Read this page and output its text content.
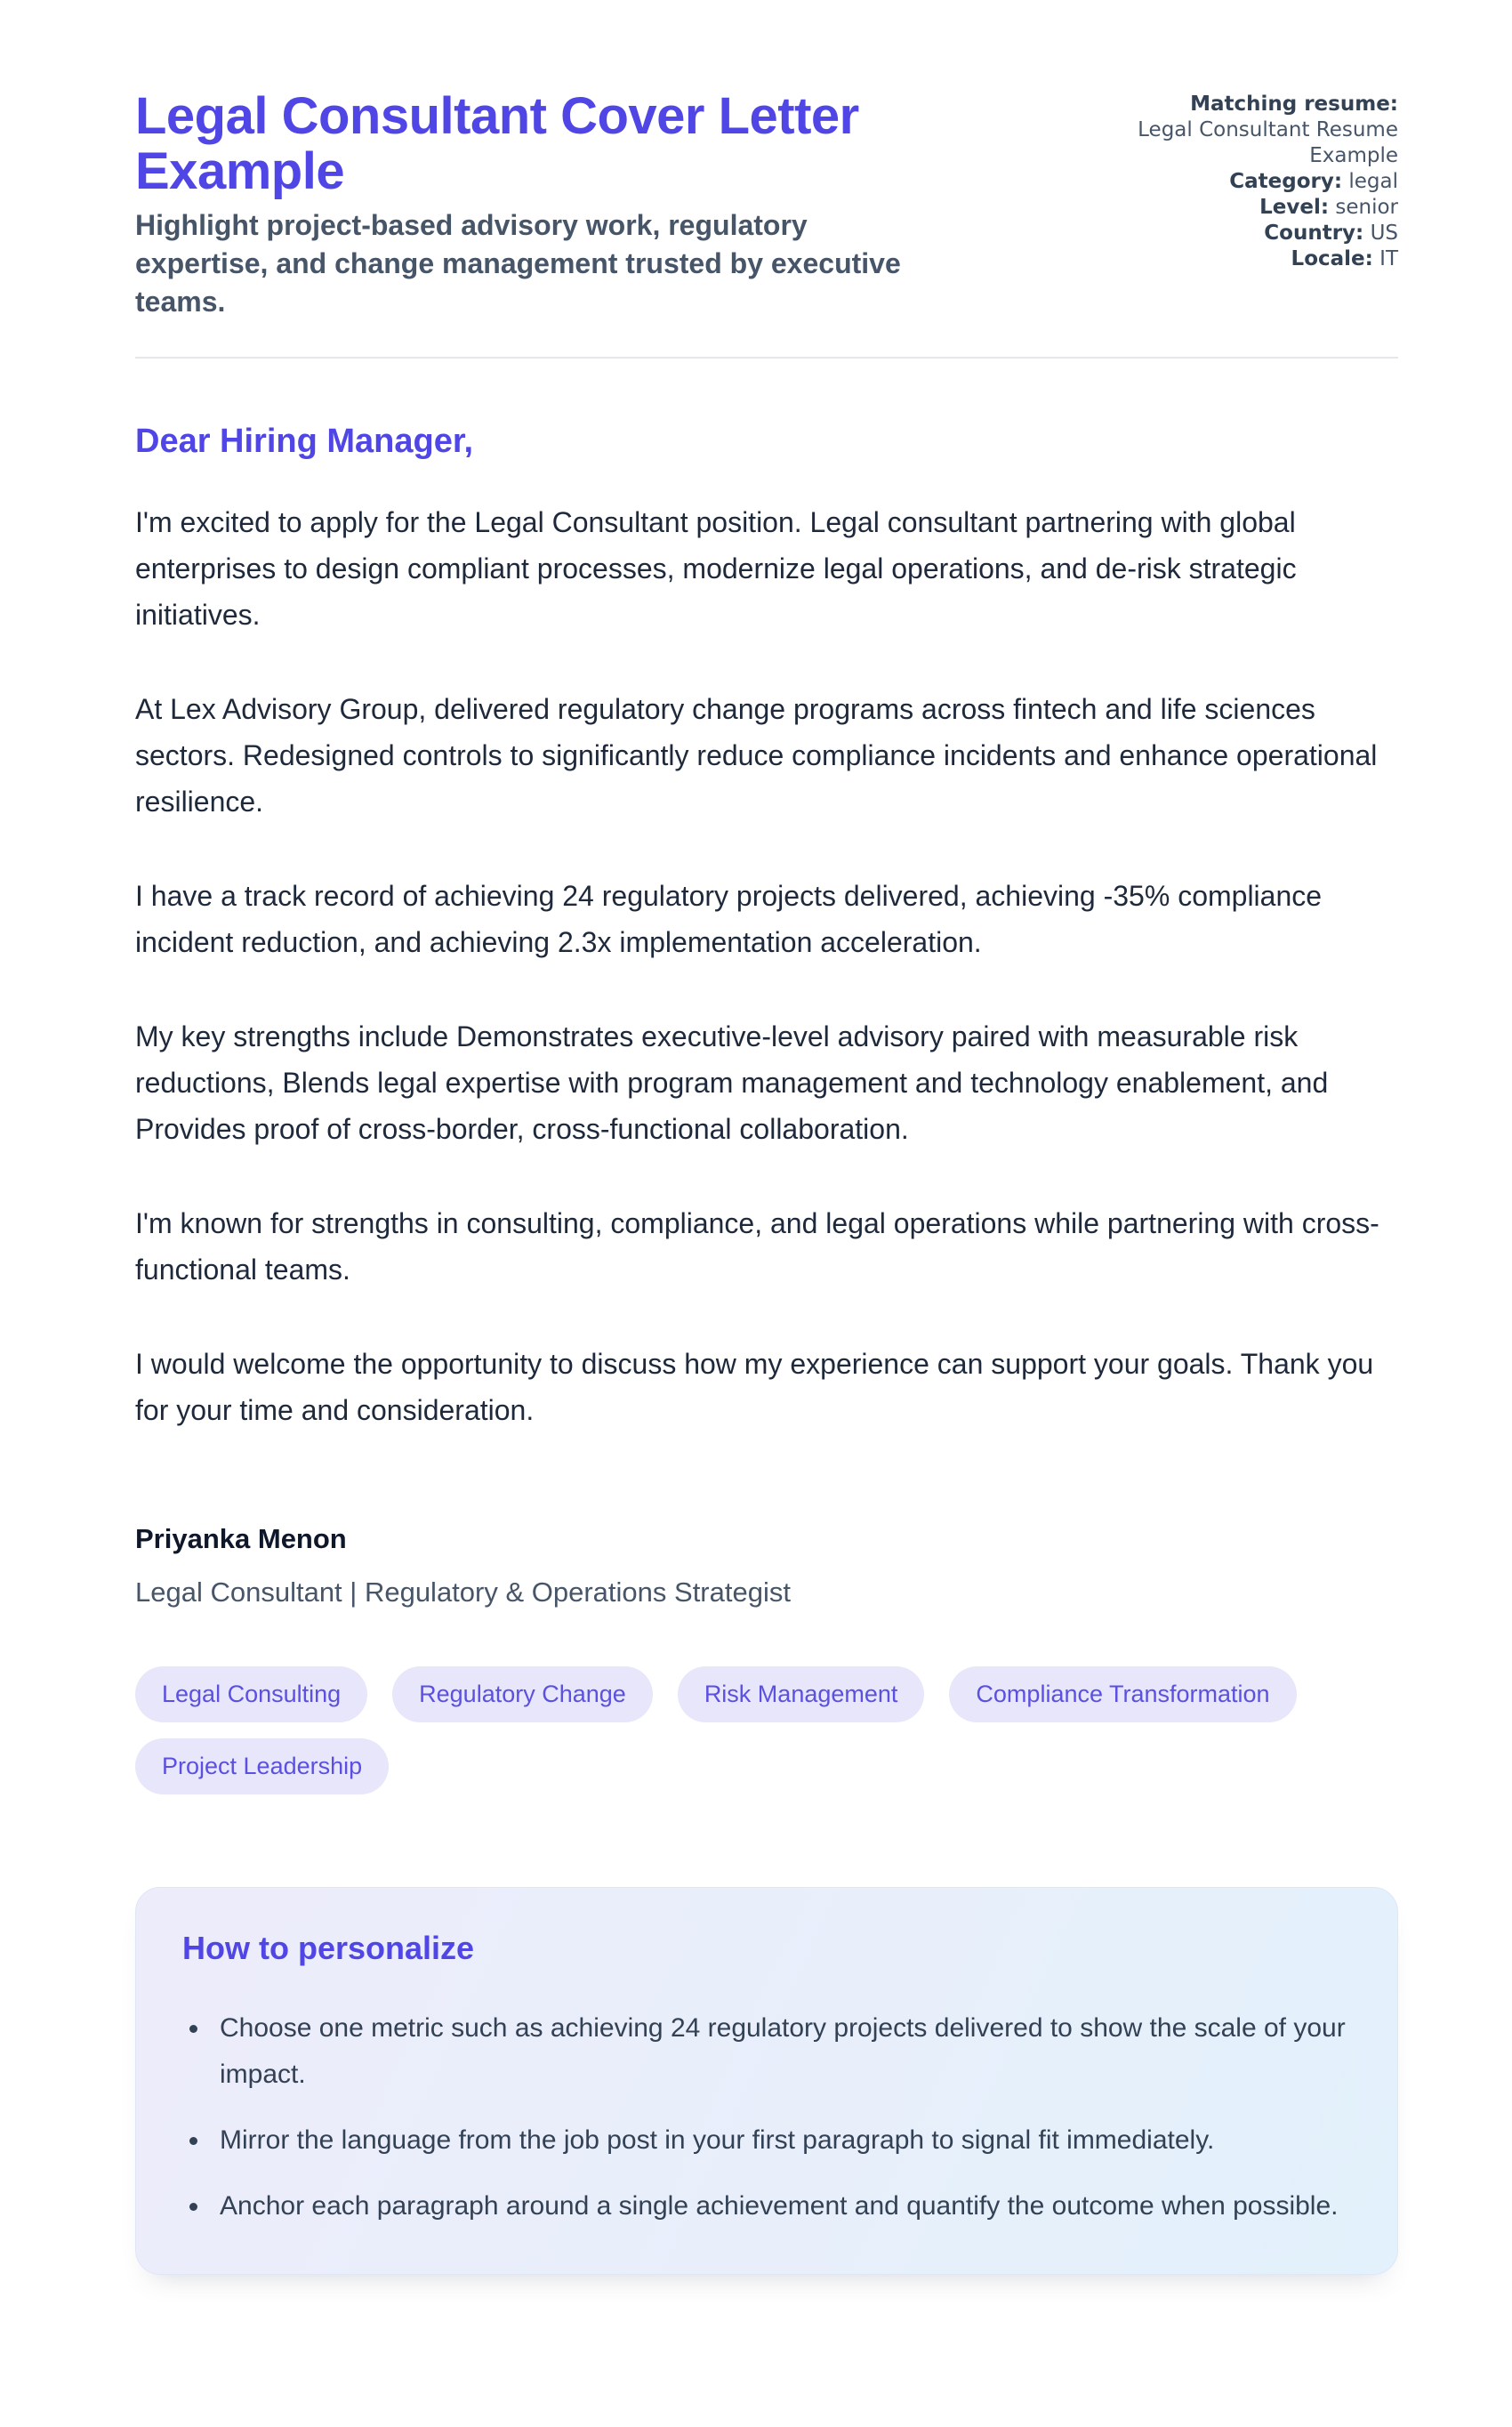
Legal Consultant Cover Letter Example

Highlight project-based advisory work, regulatory expertise, and change management trusted by executive teams.

Matching resume:
Legal Consultant Resume Example
Category: legal
Level: senior
Country: US
Locale: IT

Dear Hiring Manager,

I'm excited to apply for the Legal Consultant position. Legal consultant partnering with global enterprises to design compliant processes, modernize legal operations, and de-risk strategic initiatives.

At Lex Advisory Group, delivered regulatory change programs across fintech and life sciences sectors. Redesigned controls to significantly reduce compliance incidents and enhance operational resilience.

I have a track record of achieving 24 regulatory projects delivered, achieving -35% compliance incident reduction, and achieving 2.3x implementation acceleration.

My key strengths include Demonstrates executive-level advisory paired with measurable risk reductions, Blends legal expertise with program management and technology enablement, and Provides proof of cross-border, cross-functional collaboration.

I'm known for strengths in consulting, compliance, and legal operations while partnering with cross-functional teams.

I would welcome the opportunity to discuss how my experience can support your goals. Thank you for your time and consideration.

Priyanka Menon

Legal Consultant | Regulatory & Operations Strategist

Legal Consulting	Regulatory Change	Risk Management	Compliance Transformation
Project Leadership
How to personalize
Choose one metric such as achieving 24 regulatory projects delivered to show the scale of your impact.
Mirror the language from the job post in your first paragraph to signal fit immediately.
Anchor each paragraph around a single achievement and quantify the outcome when possible.
